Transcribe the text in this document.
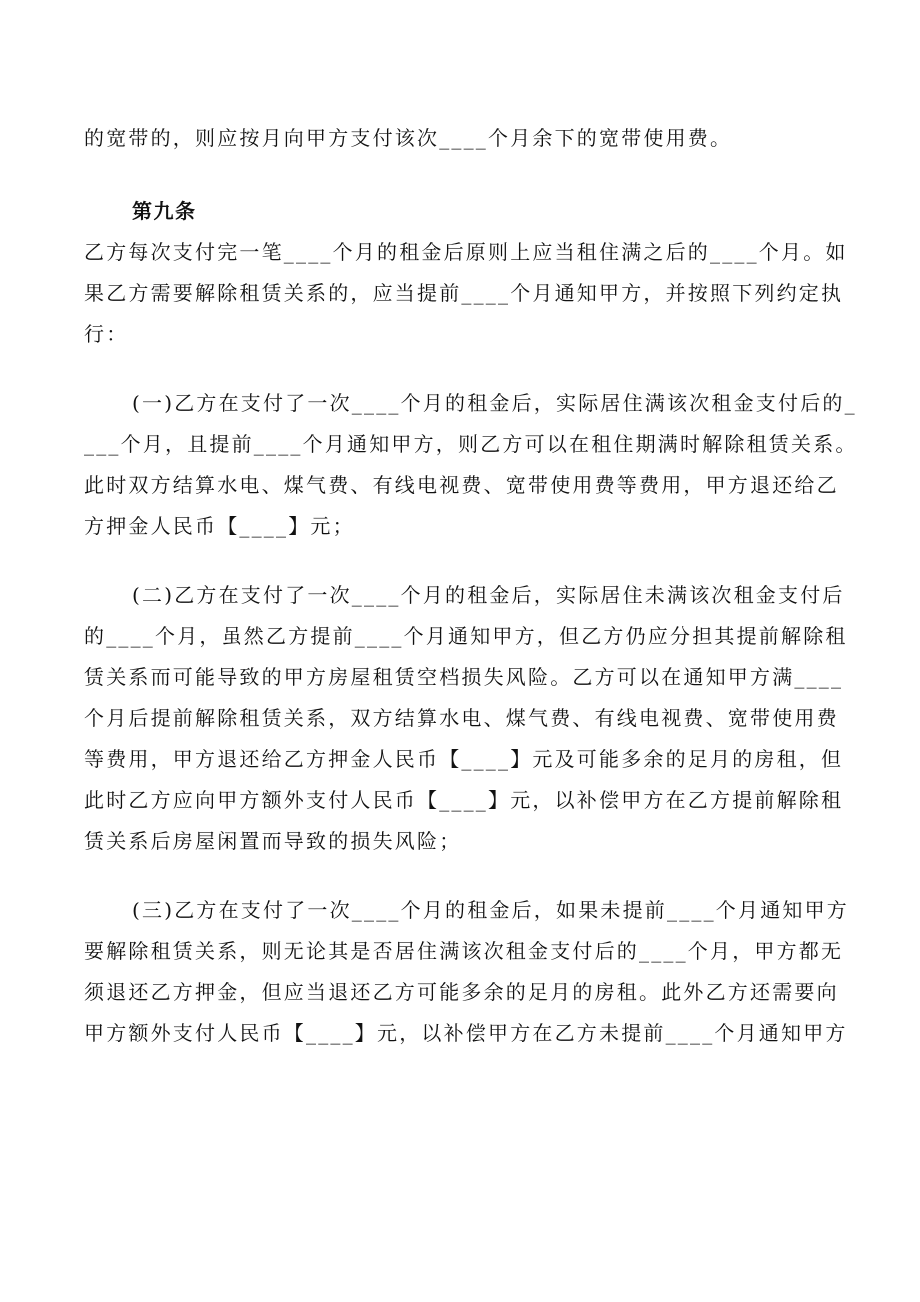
的宽带的，则应按月向甲方支付该次____个月余下的宽带使用费。

第九条

乙方每次支付完一笔____个月的租金后原则上应当租住满之后的____个月。如
果乙方需要解除租赁关系的，应当提前____个月通知甲方，并按照下列约定执
行：

(一)乙方在支付了一次____个月的租金后，实际居住满该次租金支付后的_
___个月，且提前____个月通知甲方，则乙方可以在租住期满时解除租赁关系。
此时双方结算水电、煤气费、有线电视费、宽带使用费等费用，甲方退还给乙
方押金人民币【____】元；

(二)乙方在支付了一次____个月的租金后，实际居住未满该次租金支付后
的____个月，虽然乙方提前____个月通知甲方，但乙方仍应分担其提前解除租
赁关系而可能导致的甲方房屋租赁空档损失风险。乙方可以在通知甲方满____
个月后提前解除租赁关系，双方结算水电、煤气费、有线电视费、宽带使用费
等费用，甲方退还给乙方押金人民币【____】元及可能多余的足月的房租，但
此时乙方应向甲方额外支付人民币【____】元，以补偿甲方在乙方提前解除租
赁关系后房屋闲置而导致的损失风险；

(三)乙方在支付了一次____个月的租金后，如果未提前____个月通知甲方
要解除租赁关系，则无论其是否居住满该次租金支付后的____个月，甲方都无
须退还乙方押金，但应当退还乙方可能多余的足月的房租。此外乙方还需要向
甲方额外支付人民币【____】元，以补偿甲方在乙方未提前____个月通知甲方
